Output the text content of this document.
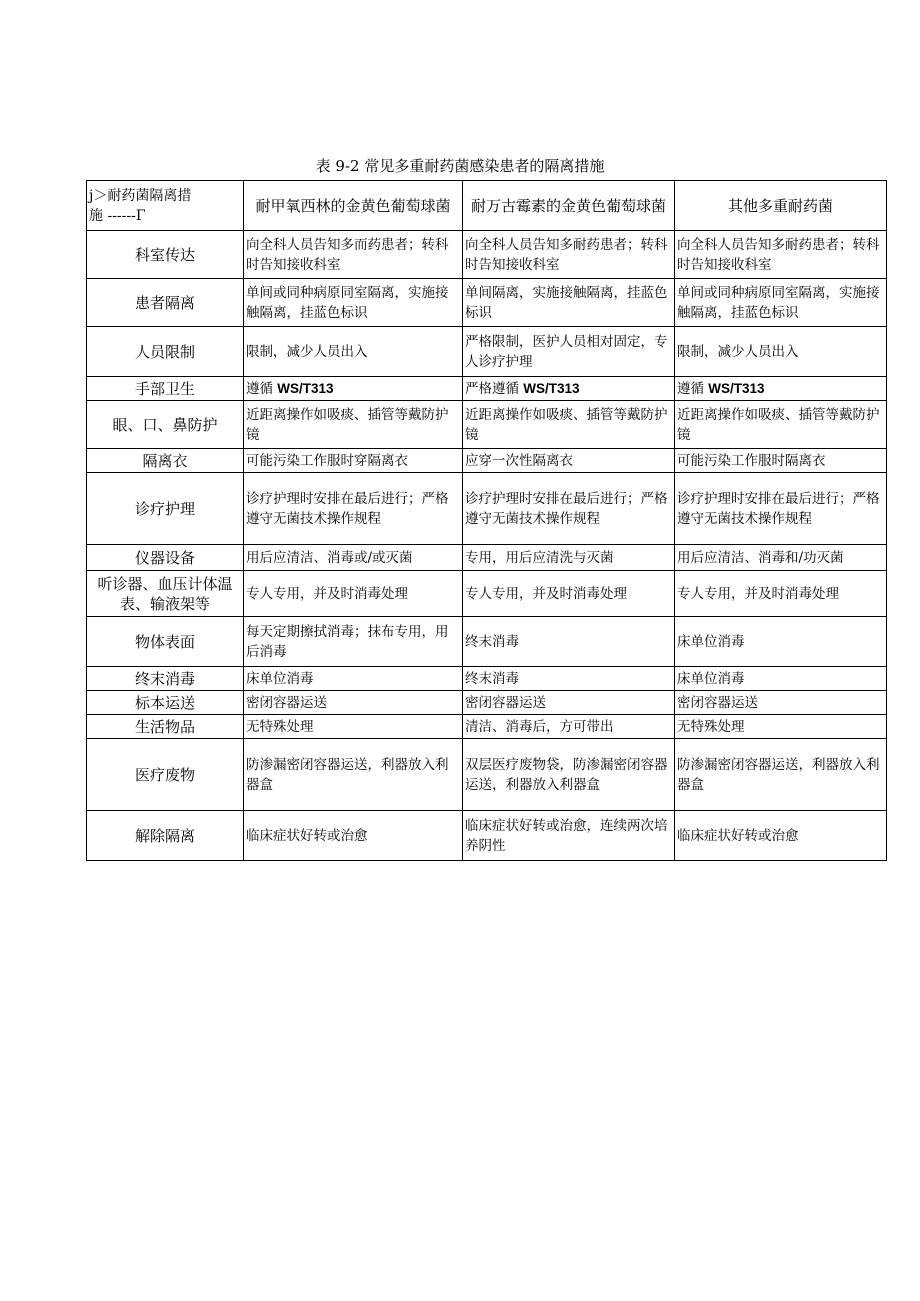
表 9-2 常见多重耐药菌感染患者的隔离措施
j＞耐药菌隔离措
施 ------Γ	耐甲氧西林的金黄色葡萄球菌	耐万古霉素的金黄色葡萄球菌	其他多重耐药菌
科室传达	向全科人员告知多而药患者；转科时告知接收科室	向全科人员告知多耐药患者；转科时告知接收科室	向全科人员告知多耐药患者；转科时告知接收科室
患者隔离	单间或同种病原同室隔离，实施接触隔离，挂蓝色标识	单间隔离，实施接触隔离，挂蓝色标识	单间或同种病原同室隔离，实施接触隔离，挂蓝色标识
人员限制	限制，减少人员出入	严格限制，医护人员相对固定，专人诊疗护理	限制，减少人员出入
手部卫生	遵循 WS/T313	严格遵循 WS/T313	遵循 WS/T313
眼、口、鼻防护	近距离操作如吸痰、插管等戴防护镜	近距离操作如吸痰、插管等戴防护镜	近距离操作如吸痰、插管等戴防护镜
隔离衣	可能污染工作服时穿隔离衣	应穿一次性隔离衣	可能污染工作服时隔离衣
诊疗护理	诊疗护理时安排在最后进行；严格遵守无菌技术操作规程	诊疗护理时安排在最后进行；严格遵守无菌技术操作规程	诊疗护理时安排在最后进行；严格遵守无菌技术操作规程
仪器设备	用后应清洁、消毒或/或灭菌	专用，用后应清洗与灭菌	用后应清洁、消毒和/功灭菌
听诊器、血压计体温表、输液架等	专人专用，并及时消毒处理	专人专用，并及时消毒处理	专人专用，并及时消毒处理
物体表面	每天定期擦拭消毒；抹布专用，用后消毒	终末消毒	床单位消毒
终末消毒	床单位消毒	终末消毒	床单位消毒
标本运送	密闭容器运送	密闭容器运送	密闭容器运送
生活物品	无特殊处理	清洁、消毒后，方可带出	无特殊处理
医疗废物	防渗漏密闭容器运送，利器放入利器盒	双层医疗废物袋，防渗漏密闭容器运送，利器放入利器盒	防渗漏密闭容器运送，利器放入利器盒
解除隔离	临床症状好转或治愈	临床症状好转或治愈，连续两次培养阴性	临床症状好转或治愈
